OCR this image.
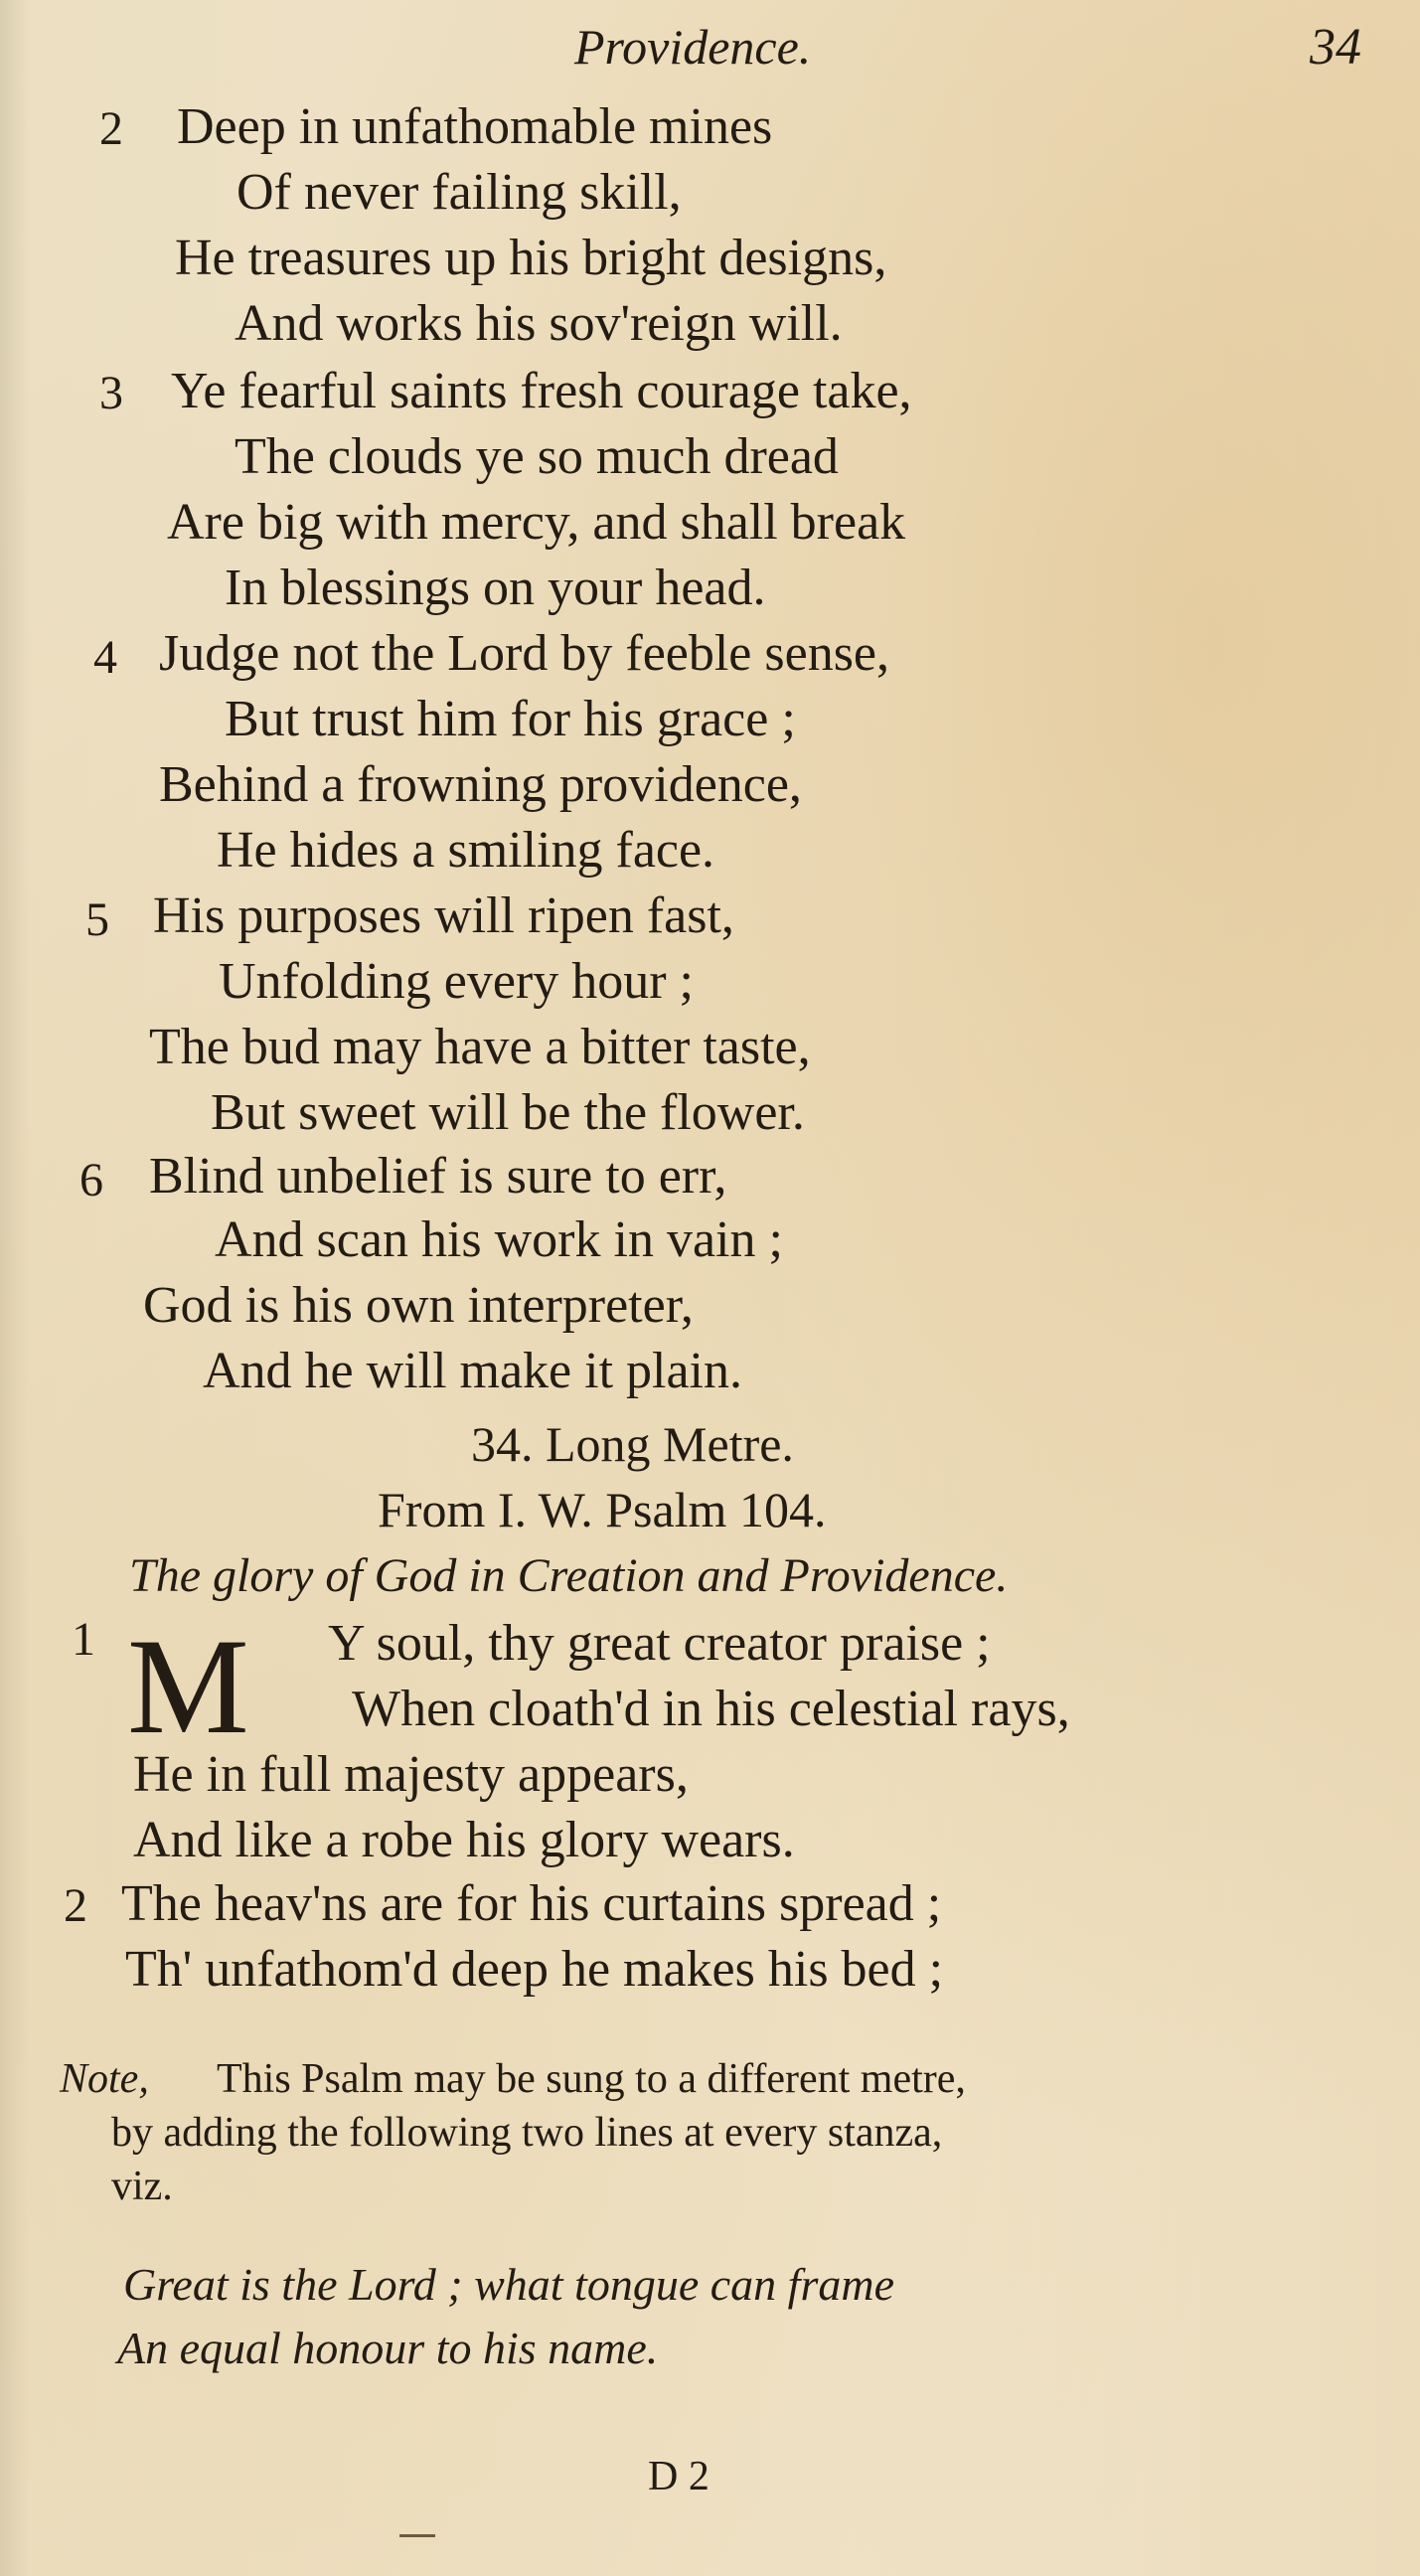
Providence.	34
2 Deep in unfathomable mines
Of never failing skill,
He treasures up his bright designs,
And works his sov'reign will.
3 Ye fearful saints fresh courage take,
The clouds ye so much dread
Are big with mercy, and shall break
In blessings on your head.
4 Judge not the Lord by feeble sense,
But trust him for his grace ;
Behind a frowning providence,
He hides a smiling face.
5 His purposes will ripen fast,
Unfolding every hour ;
The bud may have a bitter taste,
But sweet will be the flower.
6 Blind unbelief is sure to err,
And scan his work in vain ;
God is his own interpreter,
And he will make it plain.
34. Long Metre.
From I. W. Psalm 104.
The glory of God in Creation and Providence.
1 M Y soul, thy great creator praise ;
When cloath'd in his celestial rays,
He in full majesty appears,
And like a robe his glory wears.
2 The heav'ns are for his curtains spread ;
Th' unfathom'd deep he makes his bed ;
Note, This Psalm may be sung to a different metre,
by adding the following two lines at every stanza,
viz.
Great is the Lord ; what tongue can frame
An equal honour to his name.
D 2
